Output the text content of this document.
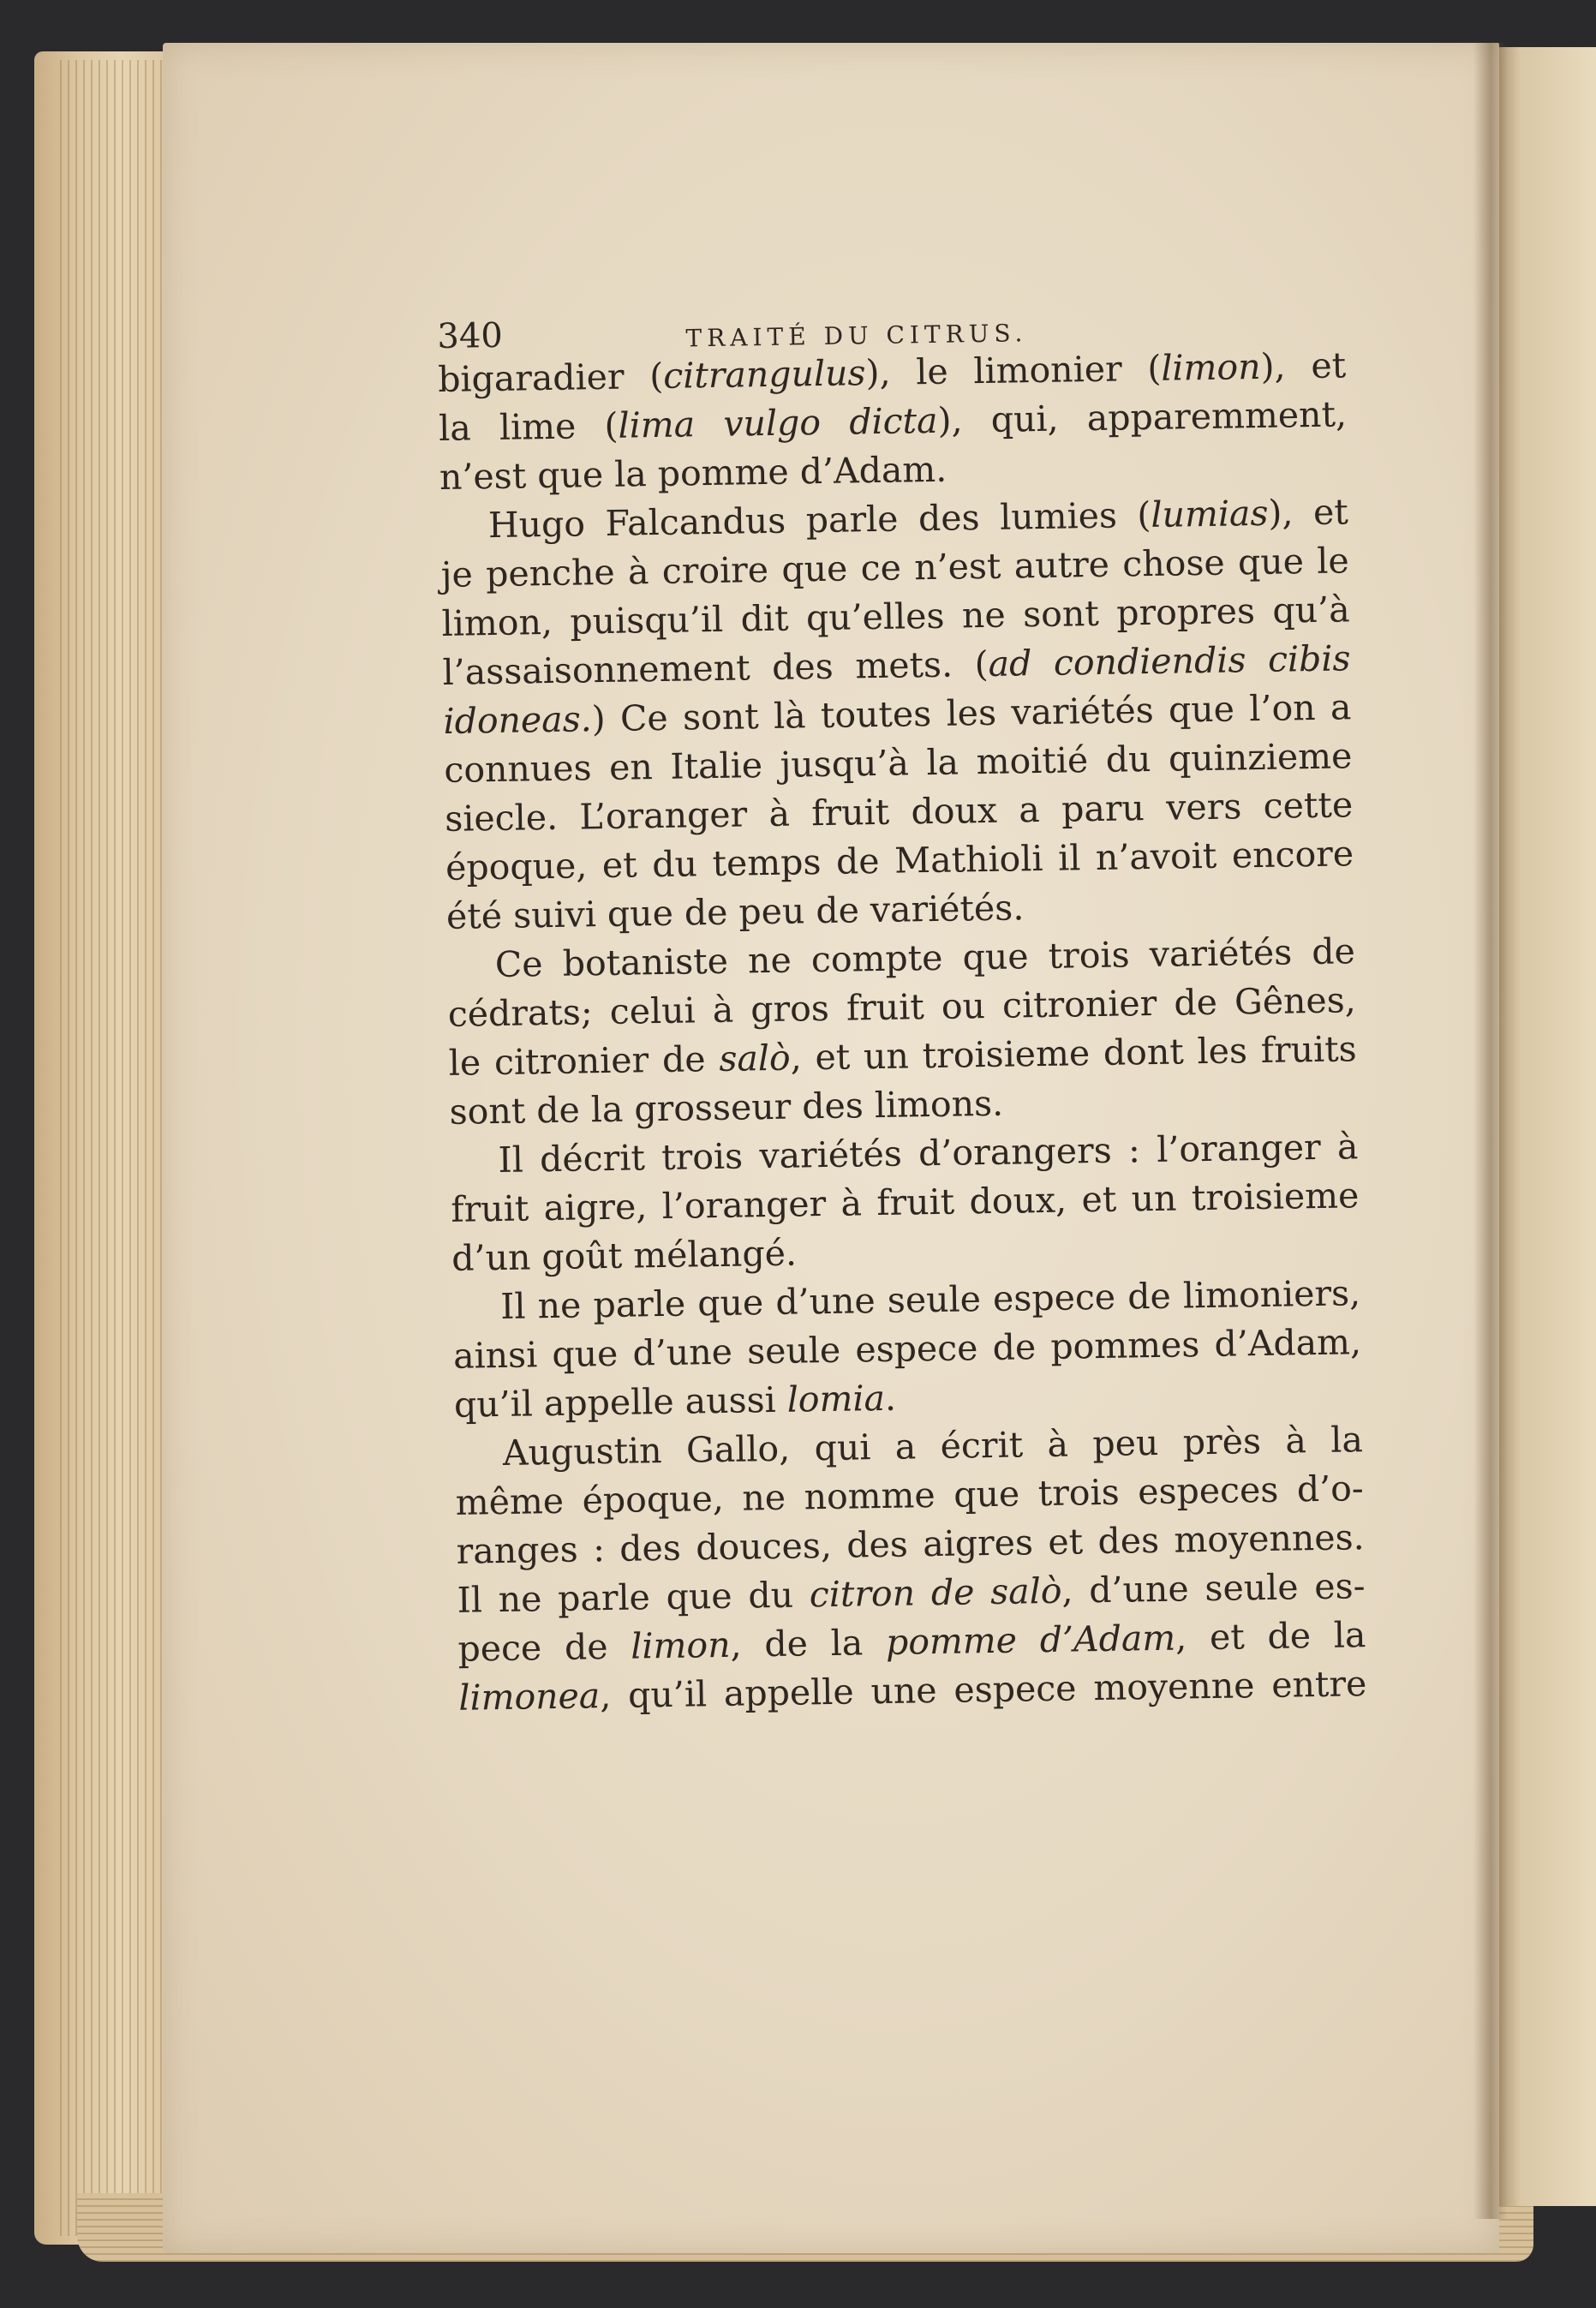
340	TRAITÉ DU CITRUS.
bigaradier (citrangulus), le limonier (limon), et
la lime (lima vulgo dicta), qui, apparemment,
n’est que la pomme d’Adam.
Hugo Falcandus parle des lumies (lumias), et
je penche à croire que ce n’est autre chose que le
limon, puisqu’il dit qu’elles ne sont propres qu’à
l’assaisonnement des mets. (ad condiendis cibis
idoneas.) Ce sont là toutes les variétés que l’on a
connues en Italie jusqu’à la moitié du quinzieme
siecle. L’oranger à fruit doux a paru vers cette
époque, et du temps de Mathioli il n’avoit encore
été suivi que de peu de variétés.
Ce botaniste ne compte que trois variétés de
cédrats; celui à gros fruit ou citronier de Gênes,
le citronier de salò, et un troisieme dont les fruits
sont de la grosseur des limons.
Il décrit trois variétés d’orangers : l’oranger à
fruit aigre, l’oranger à fruit doux, et un troisieme
d’un goût mélangé.
Il ne parle que d’une seule espece de limoniers,
ainsi que d’une seule espece de pommes d’Adam,
qu’il appelle aussi lomia.
Augustin Gallo, qui a écrit à peu près à la
même époque, ne nomme que trois especes d’o-
ranges : des douces, des aigres et des moyennes.
Il ne parle que du citron de salò, d’une seule es-
pece de limon, de la pomme d’Adam, et de la
limonea, qu’il appelle une espece moyenne entre
